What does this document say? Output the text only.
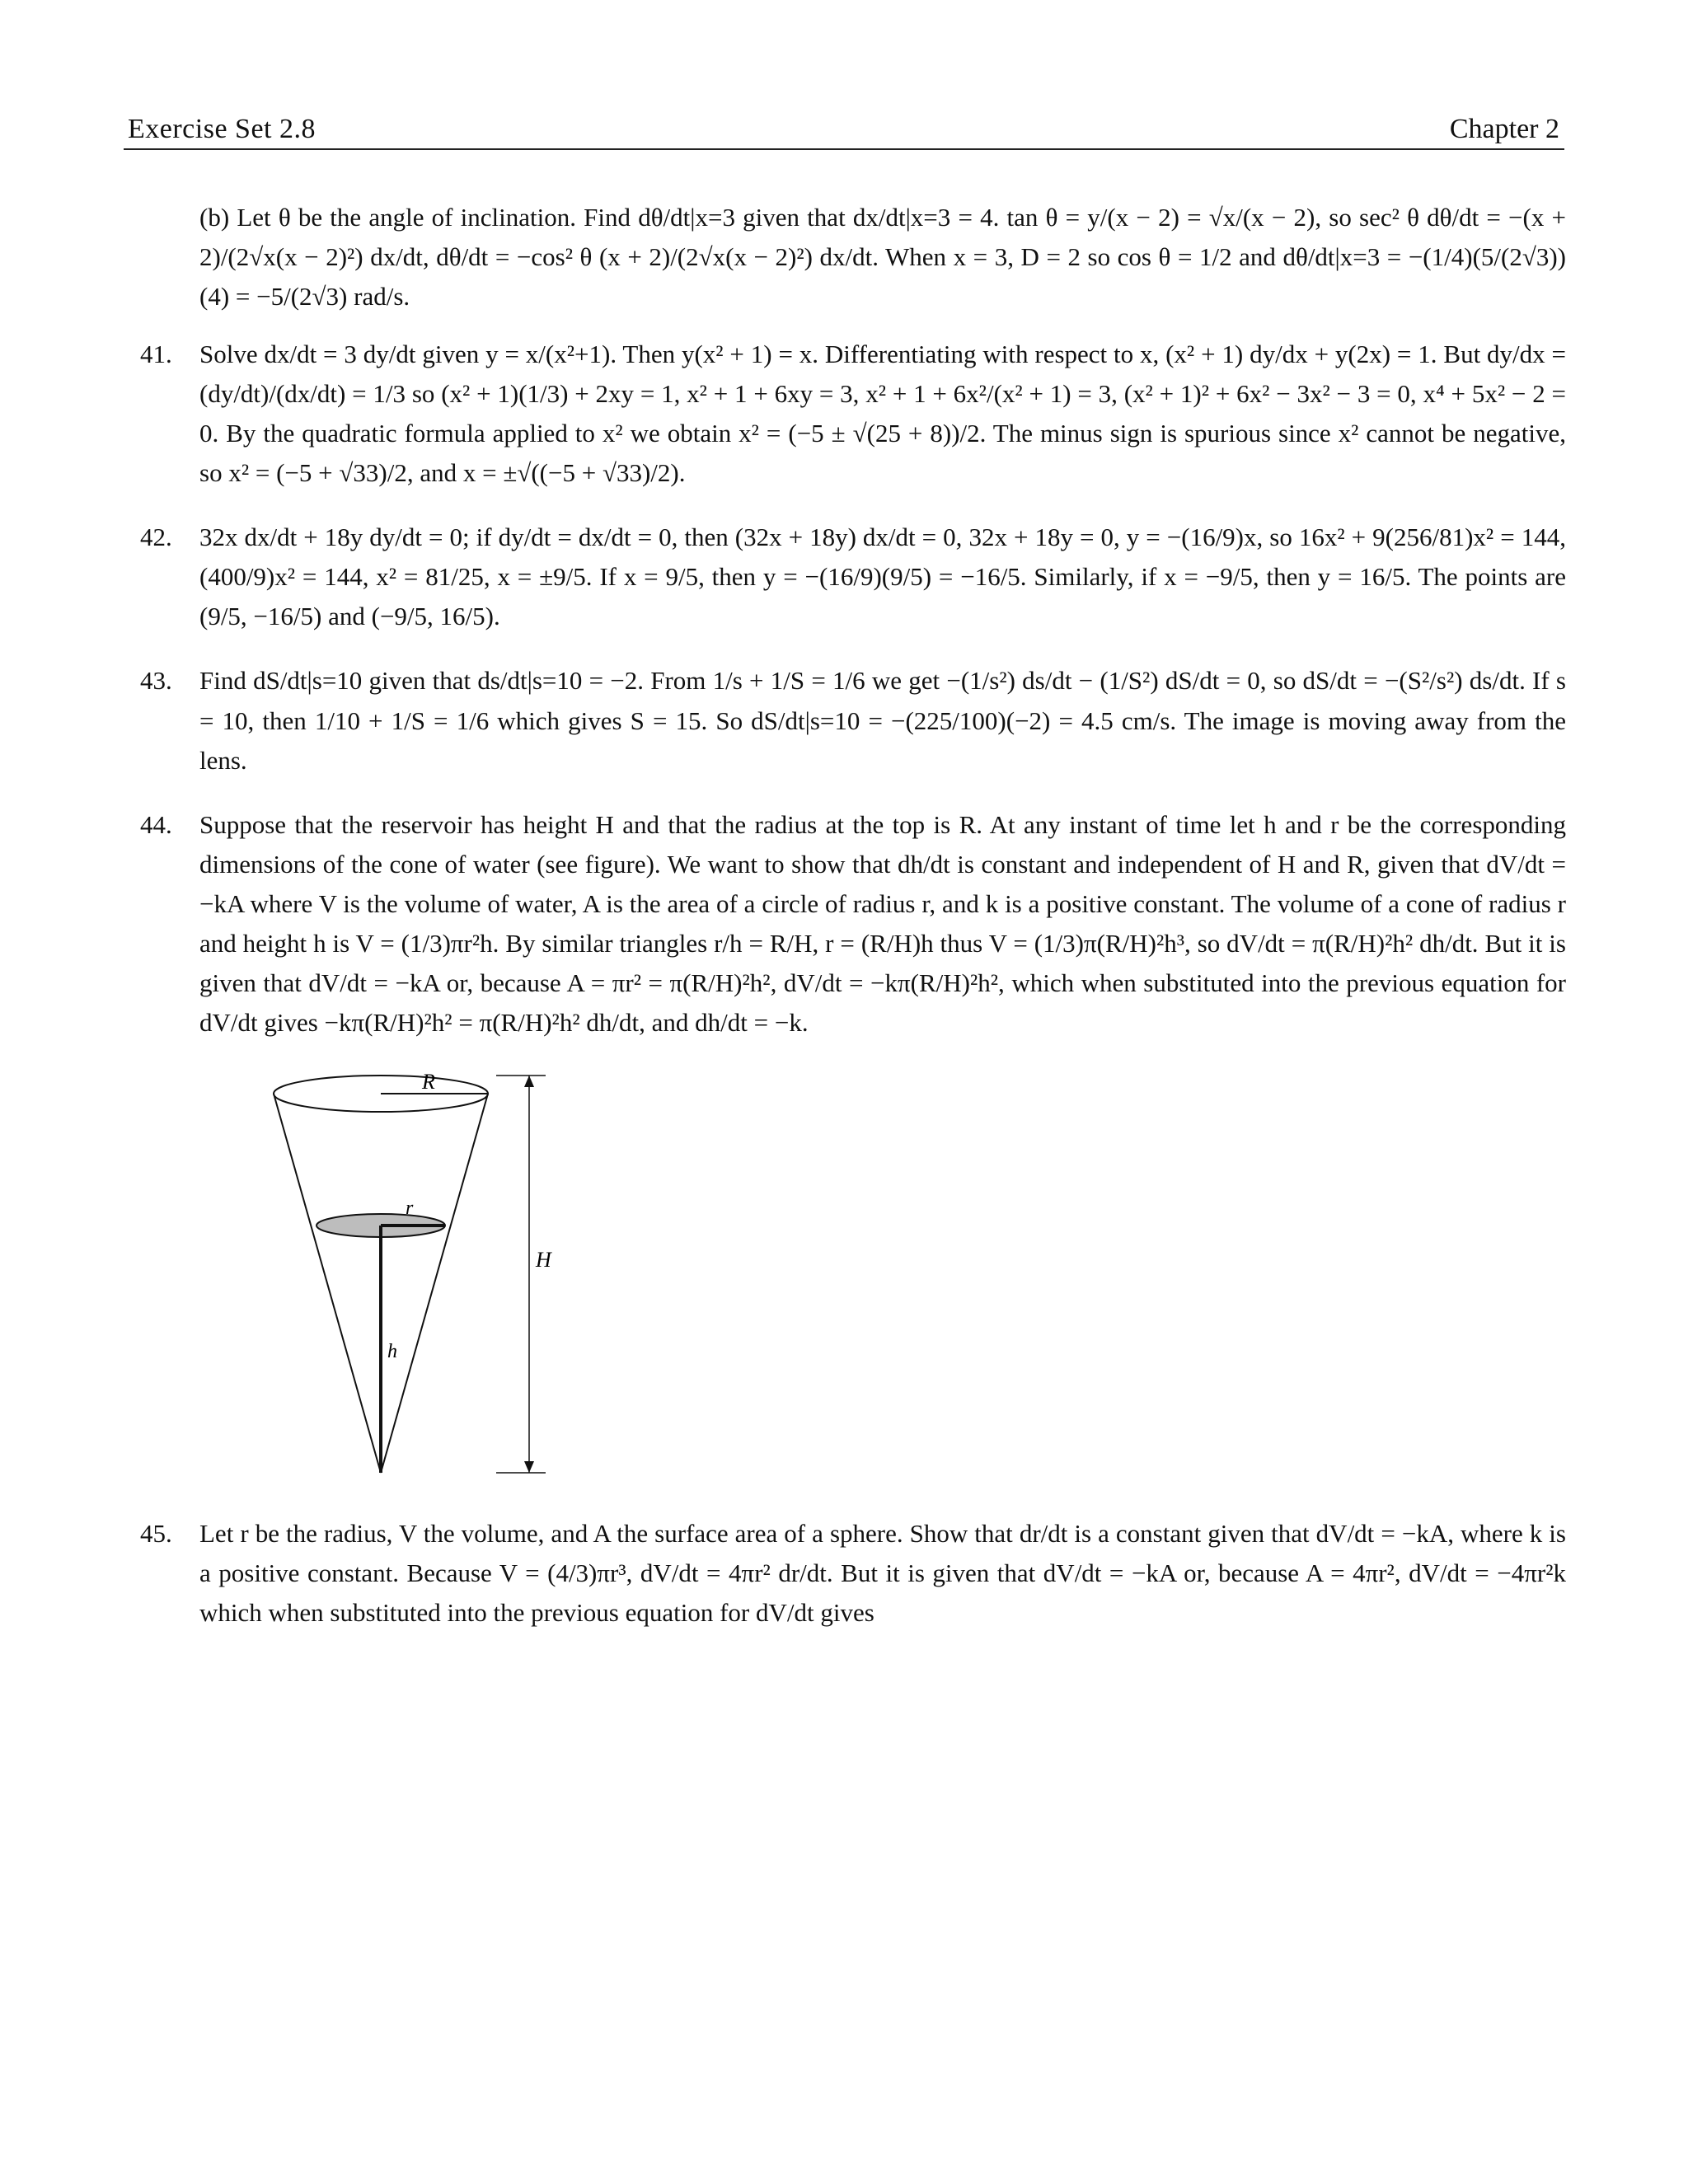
Exercise Set 2.8	Chapter 2

(b) Let θ be the angle of inclination. Find dθ/dt|x=3 given that dx/dt|x=3 = 4. tan θ = y/(x − 2) = √x/(x − 2), so sec² θ dθ/dt = −(x + 2)/(2√x(x − 2)²) dx/dt, dθ/dt = −cos² θ (x + 2)/(2√x(x − 2)²) dx/dt. When x = 3, D = 2 so cos θ = 1/2 and dθ/dt|x=3 = −(1/4)(5/(2√3))(4) = −5/(2√3) rad/s.

41. Solve dx/dt = 3 dy/dt given y = x/(x²+1). Then y(x² + 1) = x. Differentiating with respect to x, (x² + 1) dy/dx + y(2x) = 1. But dy/dx = (dy/dt)/(dx/dt) = 1/3 so (x² + 1)(1/3) + 2xy = 1, x² + 1 + 6xy = 3, x² + 1 + 6x²/(x² + 1) = 3, (x² + 1)² + 6x² − 3x² − 3 = 0, x⁴ + 5x² − 2 = 0. By the quadratic formula applied to x² we obtain x² = (−5 ± √(25 + 8))/2. The minus sign is spurious since x² cannot be negative, so x² = (−5 + √33)/2, and x = ±√((−5 + √33)/2).

42. 32x dx/dt + 18y dy/dt = 0; if dy/dt = dx/dt = 0, then (32x + 18y) dx/dt = 0, 32x + 18y = 0, y = −(16/9)x, so 16x² + 9(256/81)x² = 144, (400/9)x² = 144, x² = 81/25, x = ±9/5. If x = 9/5, then y = −(16/9)(9/5) = −16/5. Similarly, if x = −9/5, then y = 16/5. The points are (9/5, −16/5) and (−9/5, 16/5).

43. Find dS/dt|s=10 given that ds/dt|s=10 = −2. From 1/s + 1/S = 1/6 we get −(1/s²) ds/dt − (1/S²) dS/dt = 0, so dS/dt = −(S²/s²) ds/dt. If s = 10, then 1/10 + 1/S = 1/6 which gives S = 15. So dS/dt|s=10 = −(225/100)(−2) = 4.5 cm/s. The image is moving away from the lens.

44. Suppose that the reservoir has height H and that the radius at the top is R. At any instant of time let h and r be the corresponding dimensions of the cone of water (see figure). We want to show that dh/dt is constant and independent of H and R, given that dV/dt = −kA where V is the volume of water, A is the area of a circle of radius r, and k is a positive constant. The volume of a cone of radius r and height h is V = (1/3)πr²h. By similar triangles r/h = R/H, r = (R/H)h thus V = (1/3)π(R/H)²h³, so dV/dt = π(R/H)²h² dh/dt. But it is given that dV/dt = −kA or, because A = πr² = π(R/H)²h², dV/dt = −kπ(R/H)²h², which when substituted into the previous equation for dV/dt gives −kπ(R/H)²h² = π(R/H)²h² dh/dt, and dh/dt = −k.

R
r
h
H
45. Let r be the radius, V the volume, and A the surface area of a sphere. Show that dr/dt is a constant given that dV/dt = −kA, where k is a positive constant. Because V = (4/3)πr³, dV/dt = 4πr² dr/dt. But it is given that dV/dt = −kA or, because A = 4πr², dV/dt = −4πr²k which when substituted into the previous equation for dV/dt gives
